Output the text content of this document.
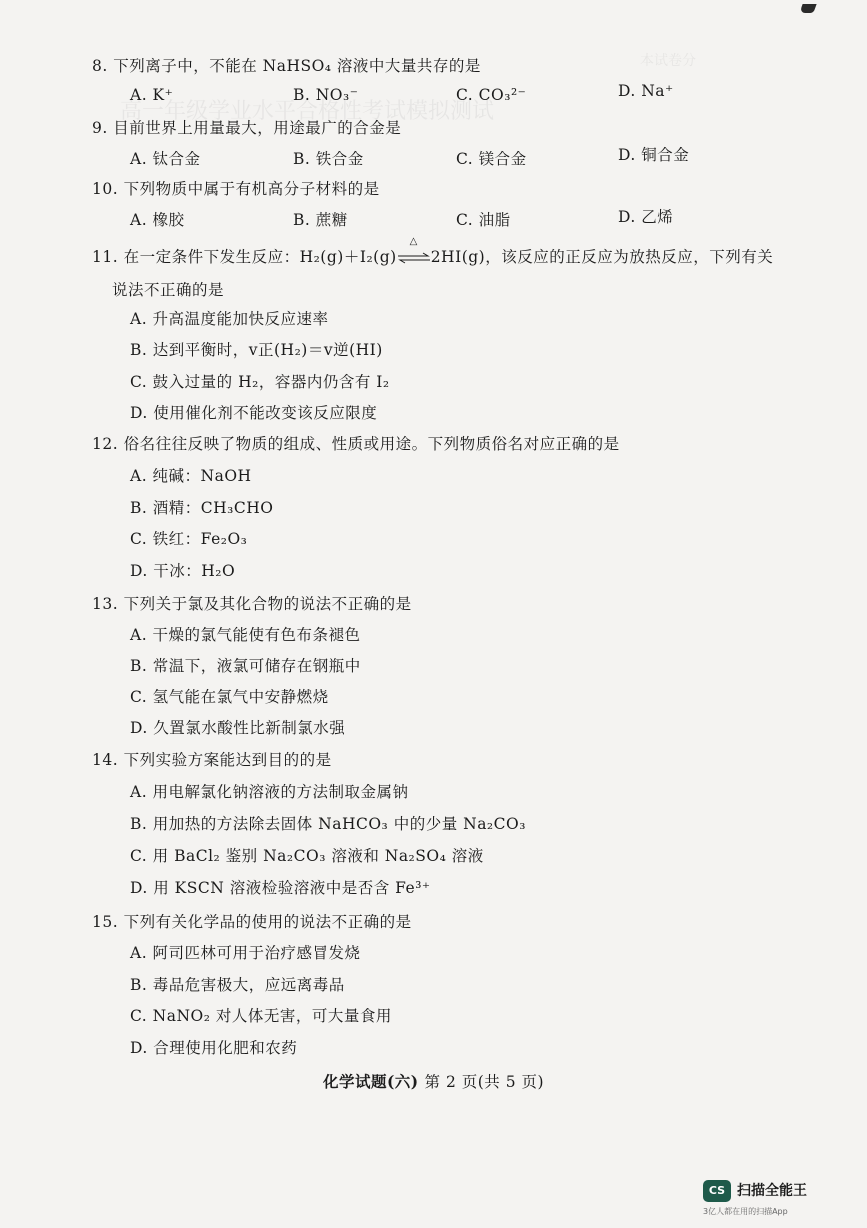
本试卷分
高一年级学业水平合格性考试模拟测试
8. 下列离子中，不能在 NaHSO₄ 溶液中大量共存的是
A. K⁺	B. NO₃⁻	C. CO₃²⁻	D. Na⁺
9. 目前世界上用量最大，用途最广的合金是
A. 钛合金	B. 铁合金	C. 镁合金	D. 铜合金
10. 下列物质中属于有机高分子材料的是
A. 橡胶	B. 蔗糖	C. 油脂	D. 乙烯
11. 在一定条件下发生反应：H₂(g)＋I₂(g)
△
2HI(g)，该反应的正反应为放热反应，下列有关
说法不正确的是
A. 升高温度能加快反应速率
B. 达到平衡时，v正(H₂)＝v逆(HI)
C. 鼓入过量的 H₂，容器内仍含有 I₂
D. 使用催化剂不能改变该反应限度
12. 俗名往往反映了物质的组成、性质或用途。下列物质俗名对应正确的是
A. 纯碱：NaOH
B. 酒精：CH₃CHO
C. 铁红：Fe₂O₃
D. 干冰：H₂O
13. 下列关于氯及其化合物的说法不正确的是
A. 干燥的氯气能使有色布条褪色
B. 常温下，液氯可储存在钢瓶中
C. 氢气能在氯气中安静燃烧
D. 久置氯水酸性比新制氯水强
14. 下列实验方案能达到目的的是
A. 用电解氯化钠溶液的方法制取金属钠
B. 用加热的方法除去固体 NaHCO₃ 中的少量 Na₂CO₃
C. 用 BaCl₂ 鉴别 Na₂CO₃ 溶液和 Na₂SO₄ 溶液
D. 用 KSCN 溶液检验溶液中是否含 Fe³⁺
15. 下列有关化学品的使用的说法不正确的是
A. 阿司匹林可用于治疗感冒发烧
B. 毒品危害极大，应远离毒品
C. NaNO₂ 对人体无害，可大量食用
D. 合理使用化肥和农药
化学试题(六) 第 2 页(共 5 页)
CS 扫描全能王
3亿人都在用的扫描App
